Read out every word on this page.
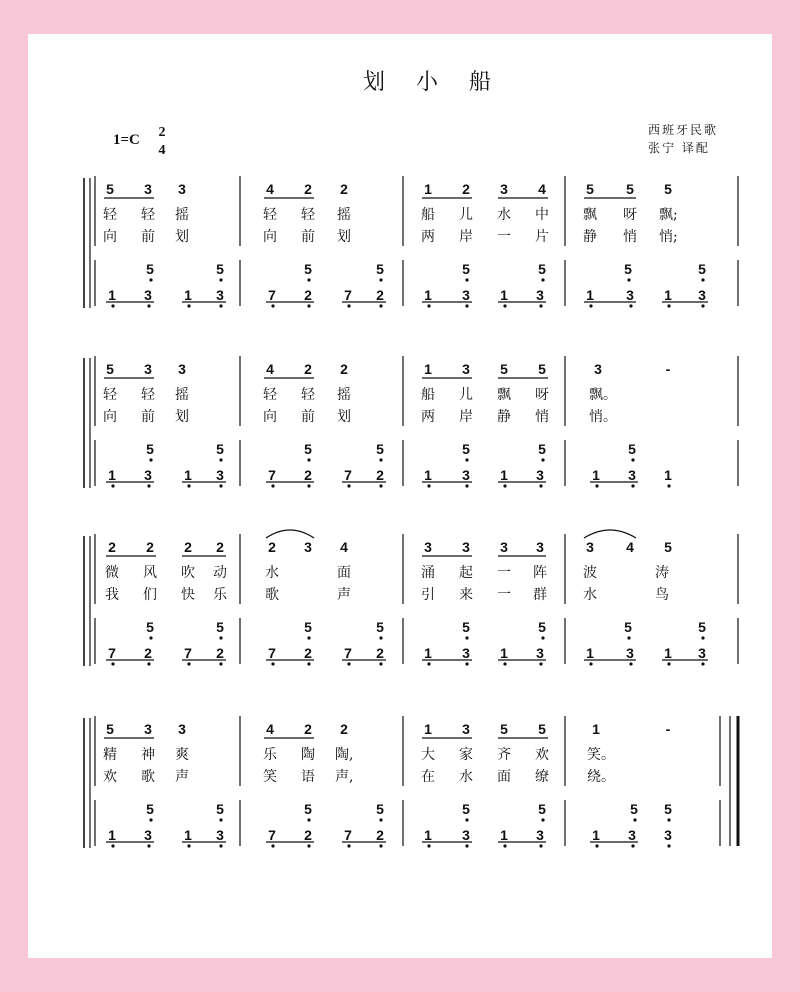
划 小 船
西班牙民歌
张宁 译配
1=C 2
4
5 3 3	4 2 2	1 2 3 4	5 5 5
轻 轻 摇	轻 轻 摇	船 儿 水 中 飘 呀 飘;
向 前 划	向 前 划	两 岸 一 片 静 悄 悄;
5	5	5	5	5	5	5	5
1 3 1 3	7 2 7 2	1 3 1 3	1 3 1 3
5 3 3	4 2 2	1 3 5 5	3	-
轻 轻 摇	轻 轻 摇	船 儿 飘 呀	飘。
向 前 划	向 前 划	两 岸 静 悄	悄。
5	5	5	5	5	5	5
1 3 1 3	7 2 7 2	1 3 1 3	1 3 1
2 2 2 2	2 3 4	3 3 3 3	3 4 5
微 风 吹 动	水	面	涌 起 一 阵	波	涛
我 们 快 乐	歌	声	引 来 一 群	水	鸟
5	5	5	5	5	5	5	5
7 2 7 2	7 2 7 2	1 3 1 3	1 3 1 3
5 3 3	4 2 2	1 3 5 5	1	-
精 神 爽	乐 陶 陶,	大 家 齐 欢	笑。
欢 歌 声	笑 语 声,	在 水 面 缭	绕。
5	5	5	5	5	5	5 5
1 3 1 3	7 2 7 2	1 3 1 3	1 3 3
